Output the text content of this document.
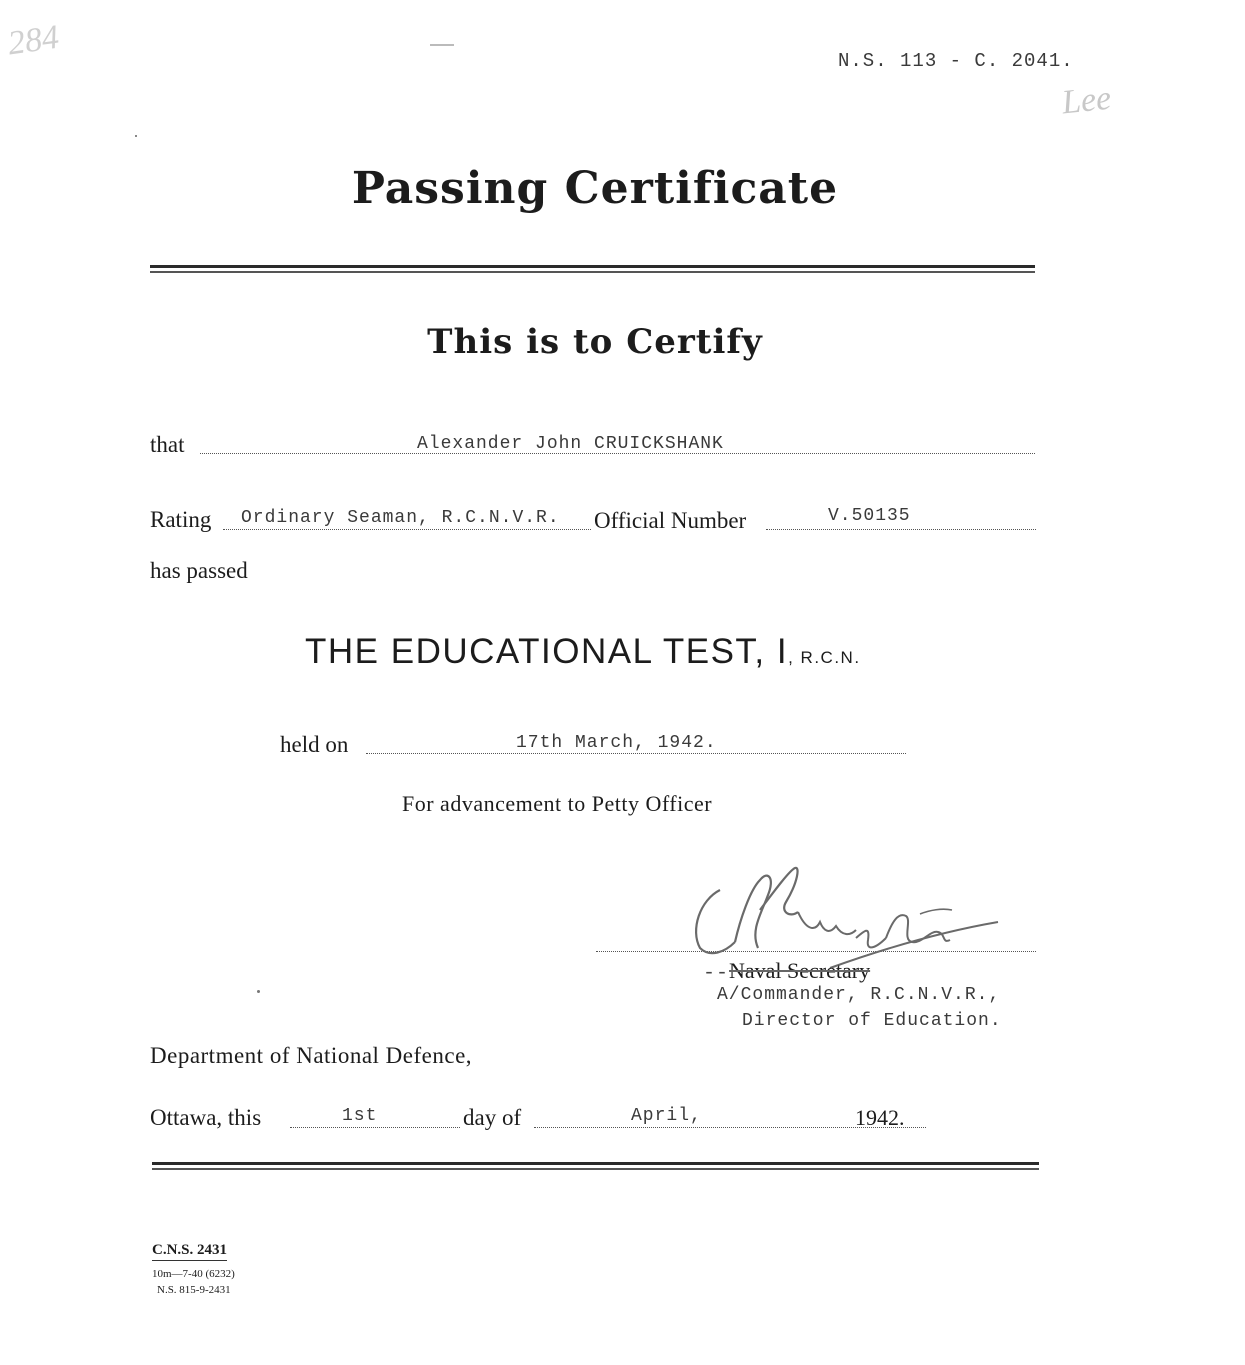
284	N.S. 113 - C. 2041.
Lee
Passing Certificate
This is to Certify
that	Alexander John CRUICKSHANK
Rating Ordinary Seaman, R.C.N.V.R. Official Number	V.50135
has passed
THE EDUCATIONAL TEST, I, R.C.N.
held on	17th March, 1942.
For advancement to Petty Officer
--Naval Secretary
A/Commander, R.C.N.V.R.,
Director of Education.
Department of National Defence,
Ottawa, this	1st	day of	April,	1942.
C.N.S. 2431
10m—7-40 (6232)
N.S. 815-9-2431
